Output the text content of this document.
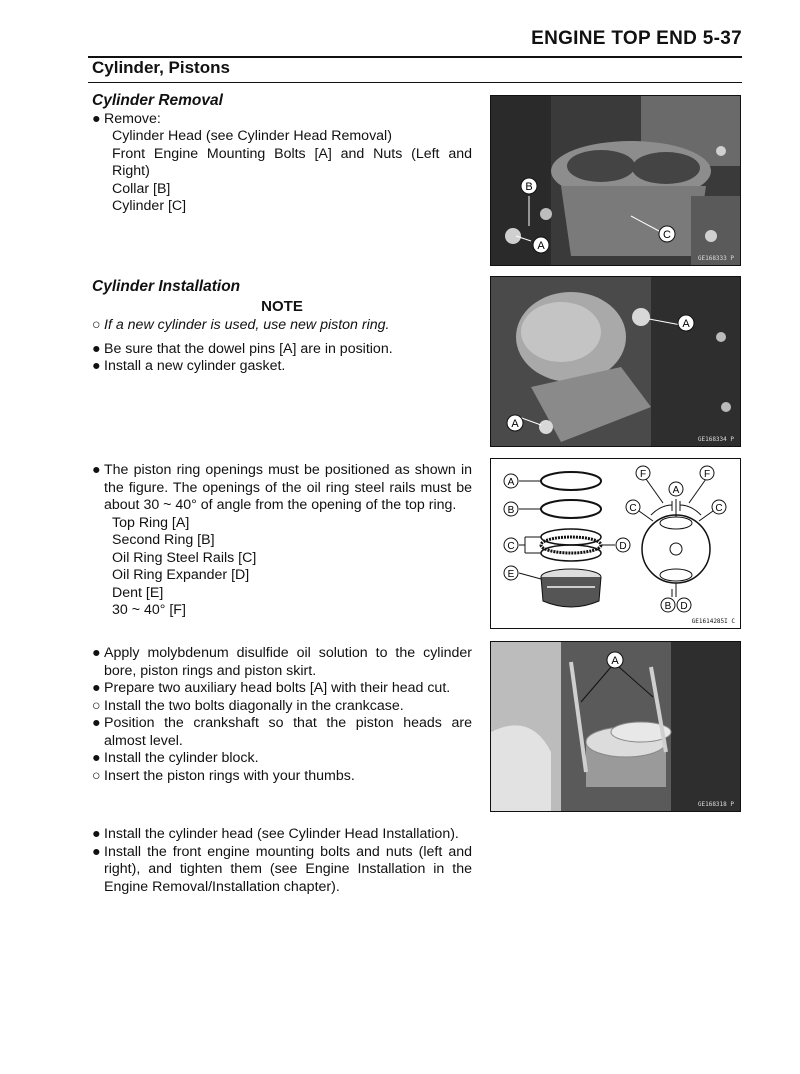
ENGINE TOP END 5-37
Cylinder, Pistons

Cylinder Removal

● Remove:

Cylinder Head (see Cylinder Head Removal)

Front Engine Mounting Bolts [A] and Nuts (Left and Right)

Collar [B]

Cylinder [C]

Cylinder Installation

NOTE

○ If a new cylinder is used, use new piston ring.

● Be sure that the dowel pins [A] are in position.

● Install a new cylinder gasket.

● The piston ring openings must be positioned as shown in the figure. The openings of the oil ring steel rails must be about 30 ~ 40° of angle from the opening of the top ring.

Top Ring [A]

Second Ring [B]

Oil Ring Steel Rails [C]

Oil Ring Expander [D]

Dent [E]

30 ~ 40° [F]

● Apply molybdenum disulfide oil solution to the cylinder bore, piston rings and piston skirt.

● Prepare two auxiliary head bolts [A] with their head cut.

○ Install the two bolts diagonally in the crankcase.

● Position the crankshaft so that the piston heads are almost level.

● Install the cylinder block.

○ Insert the piston rings with your thumbs.

● Install the cylinder head (see Cylinder Head Installation).

● Install the front engine mounting bolts and nuts (left and right), and tighten them (see Engine Installation in the Engine Removal/Installation chapter).

B
A
C
GE168333 P
A
A
GE168334 P
A
B
C	D
E
F	F
A
C	C
B D
GE1614285I C
A
GE168318 P
